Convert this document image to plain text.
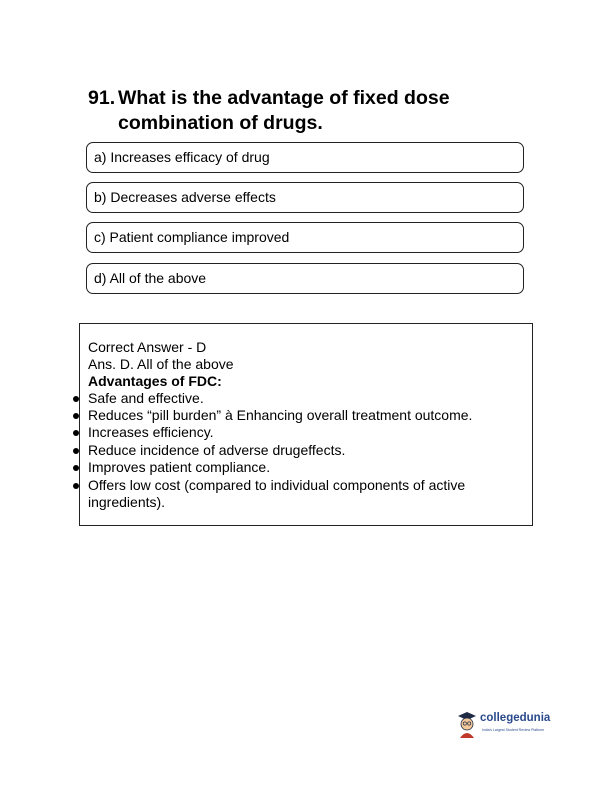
91. What is the advantage of fixed dose combination of drugs.
a) Increases efficacy of drug
b) Decreases adverse effects
c) Patient compliance improved
d) All of the above
Correct Answer - D
Ans. D. All of the above
Advantages of FDC:
Safe and effective.
Reduces “pill burden” à Enhancing overall treatment outcome.
Increases efficiency.
Reduce incidence of adverse drugeffects.
Improves patient compliance.
Offers low cost (compared to individual components of active ingredients).
collegedunia
India's Largest Student Review Platform
